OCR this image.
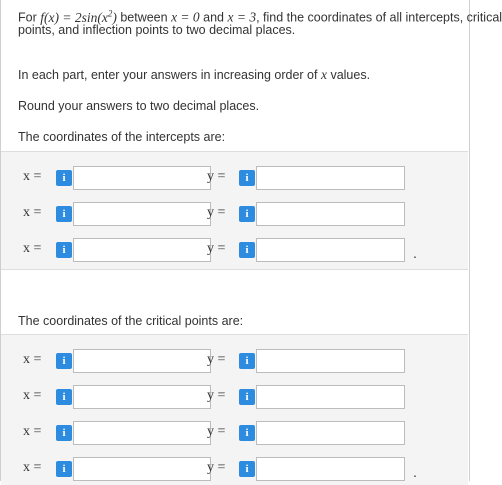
For $f(x) = 2\sin(x^2)$ between x = 0 and x = 3, find the coordinates of all intercepts, critical
points, and inflection points to two decimal places.
In each part, enter your answers in increasing order of x values.
Round your answers to two decimal places.
The coordinates of the intercepts are:
x =	i	y =	i
x =	i	y =	i
x =	i	y =	i	.
The coordinates of the critical points are:
x =	i	y =	i
x =	i	y =	i
x =	i	y =	i
x =	i	y =	i	.
